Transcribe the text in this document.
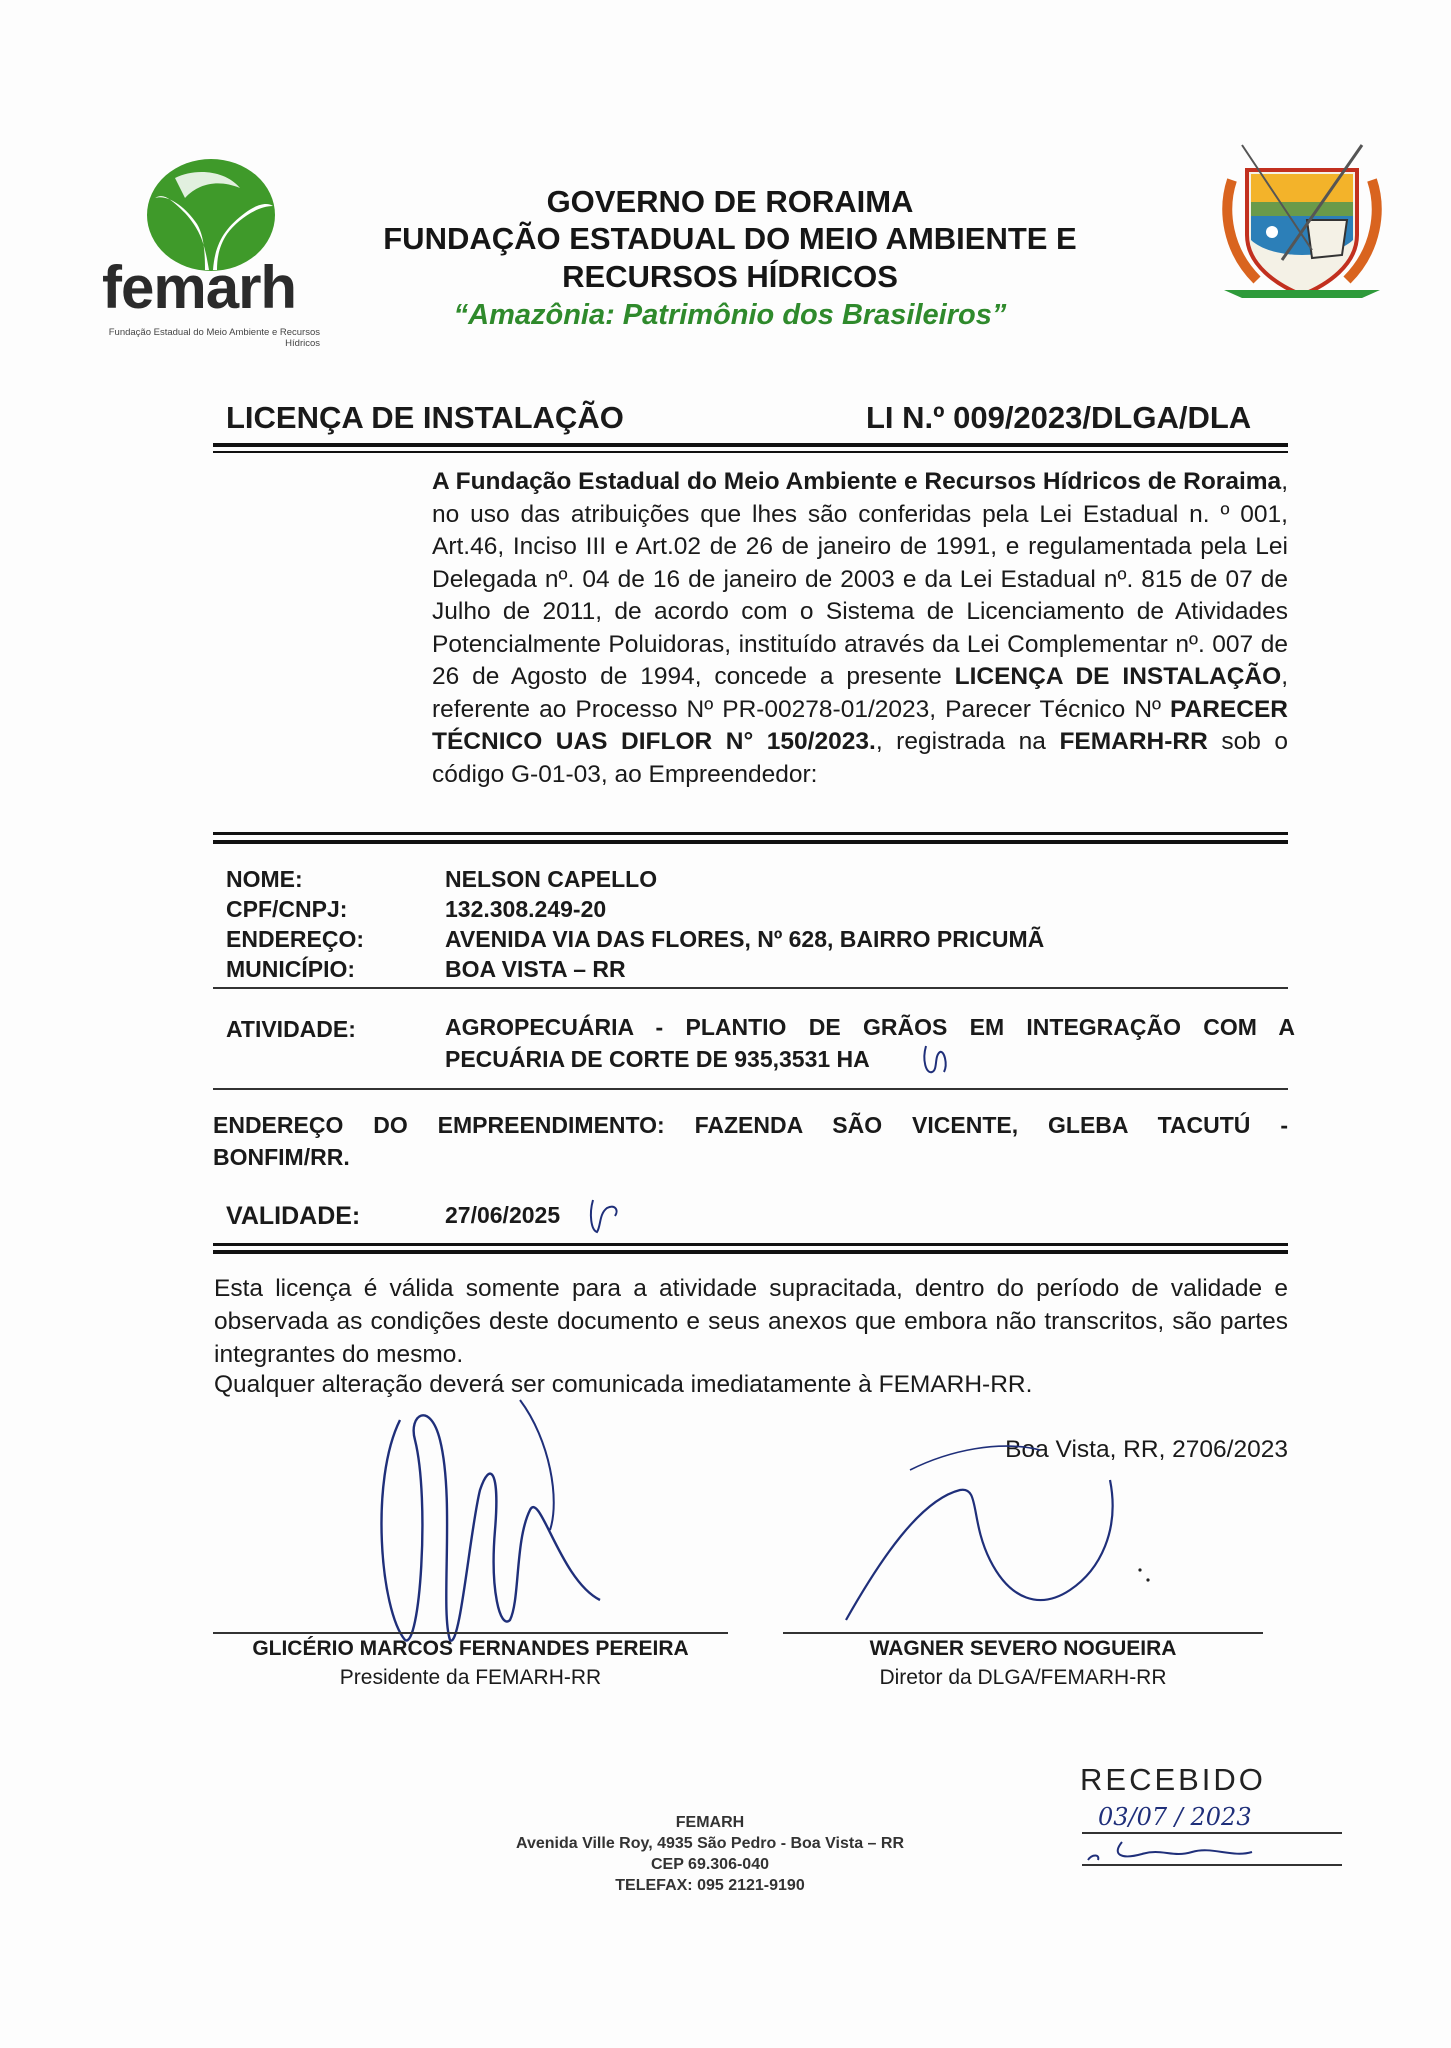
femarh
Fundação Estadual do Meio Ambiente e Recursos Hídricos
GOVERNO DE RORAIMA
FUNDAÇÃO ESTADUAL DO MEIO AMBIENTE E
RECURSOS HÍDRICOS
“Amazônia: Patrimônio dos Brasileiros”
LICENÇA DE INSTALAÇÃO	LI N.º 009/2023/DLGA/DLA
A Fundação Estadual do Meio Ambiente e Recursos Hídricos de Roraima, no uso das atribuições que lhes são conferidas pela Lei Estadual n. º 001, Art.46, Inciso III e Art.02 de 26 de janeiro de 1991, e regulamentada pela Lei Delegada nº. 04 de 16 de janeiro de 2003 e da Lei Estadual nº. 815 de 07 de Julho de 2011, de acordo com o Sistema de Licenciamento de Atividades Potencialmente Poluidoras, instituído através da Lei Complementar nº. 007 de 26 de Agosto de 1994, concede a presente LICENÇA DE INSTALAÇÃO, referente ao Processo Nº PR-00278-01/2023, Parecer Técnico Nº PARECER TÉCNICO UAS DIFLOR N° 150/2023., registrada na FEMARH-RR sob o código G-01-03, ao Empreendedor:
NOME:	NELSON CAPELLO
CPF/CNPJ:	132.308.249-20
ENDEREÇO:	AVENIDA VIA DAS FLORES, Nº 628, BAIRRO PRICUMÃ
MUNICÍPIO:	BOA VISTA – RR
ATIVIDADE:	AGROPECUÁRIA - PLANTIO DE GRÃOS EM INTEGRAÇÃO COM A
PECUÁRIA DE CORTE DE 935,3531 HA
ENDEREÇO DO EMPREENDIMENTO: FAZENDA SÃO VICENTE, GLEBA TACUTÚ -
BONFIM/RR.
VALIDADE:	27/06/2025
Esta licença é válida somente para a atividade supracitada, dentro do período de validade e observada as condições deste documento e seus anexos que embora não transcritos, são partes integrantes do mesmo.
Qualquer alteração deverá ser comunicada imediatamente à FEMARH-RR.
Boa Vista, RR, 2706/2023
GLICÉRIO MARCOS FERNANDES PEREIRA
Presidente da FEMARH-RR
WAGNER SEVERO NOGUEIRA
Diretor da DLGA/FEMARH-RR
FEMARH
Avenida Ville Roy, 4935 São Pedro - Boa Vista – RR
CEP 69.306-040
TELEFAX: 095 2121-9190
RECEBIDO
03/07 / 2023
